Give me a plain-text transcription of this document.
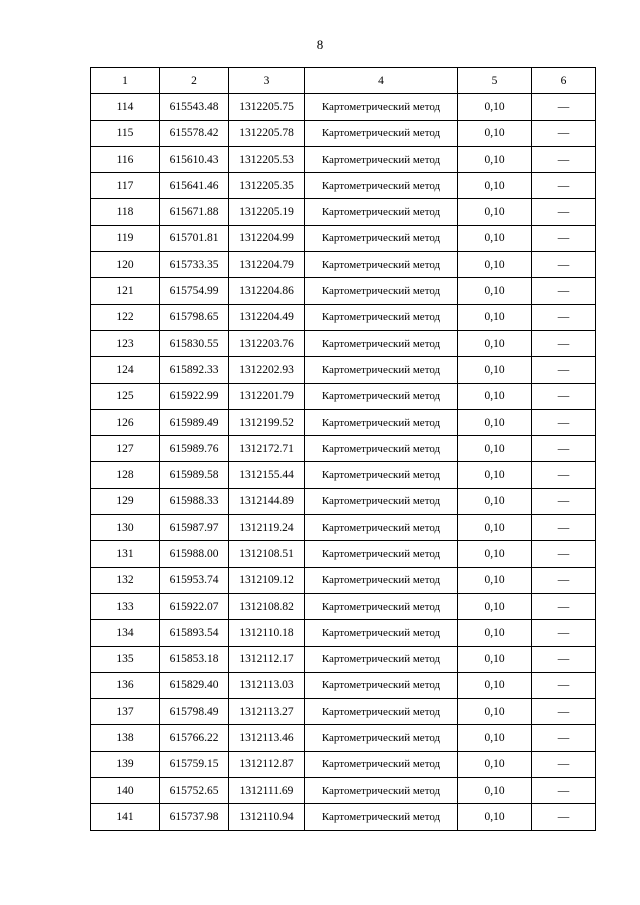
8
1	2	3	4	5	6
114	615543.48	1312205.75	Картометрический метод	0,10	—
115	615578.42	1312205.78	Картометрический метод	0,10	—
116	615610.43	1312205.53	Картометрический метод	0,10	—
117	615641.46	1312205.35	Картометрический метод	0,10	—
118	615671.88	1312205.19	Картометрический метод	0,10	—
119	615701.81	1312204.99	Картометрический метод	0,10	—
120	615733.35	1312204.79	Картометрический метод	0,10	—
121	615754.99	1312204.86	Картометрический метод	0,10	—
122	615798.65	1312204.49	Картометрический метод	0,10	—
123	615830.55	1312203.76	Картометрический метод	0,10	—
124	615892.33	1312202.93	Картометрический метод	0,10	—
125	615922.99	1312201.79	Картометрический метод	0,10	—
126	615989.49	1312199.52	Картометрический метод	0,10	—
127	615989.76	1312172.71	Картометрический метод	0,10	—
128	615989.58	1312155.44	Картометрический метод	0,10	—
129	615988.33	1312144.89	Картометрический метод	0,10	—
130	615987.97	1312119.24	Картометрический метод	0,10	—
131	615988.00	1312108.51	Картометрический метод	0,10	—
132	615953.74	1312109.12	Картометрический метод	0,10	—
133	615922.07	1312108.82	Картометрический метод	0,10	—
134	615893.54	1312110.18	Картометрический метод	0,10	—
135	615853.18	1312112.17	Картометрический метод	0,10	—
136	615829.40	1312113.03	Картометрический метод	0,10	—
137	615798.49	1312113.27	Картометрический метод	0,10	—
138	615766.22	1312113.46	Картометрический метод	0,10	—
139	615759.15	1312112.87	Картометрический метод	0,10	—
140	615752.65	1312111.69	Картометрический метод	0,10	—
141	615737.98	1312110.94	Картометрический метод	0,10	—
